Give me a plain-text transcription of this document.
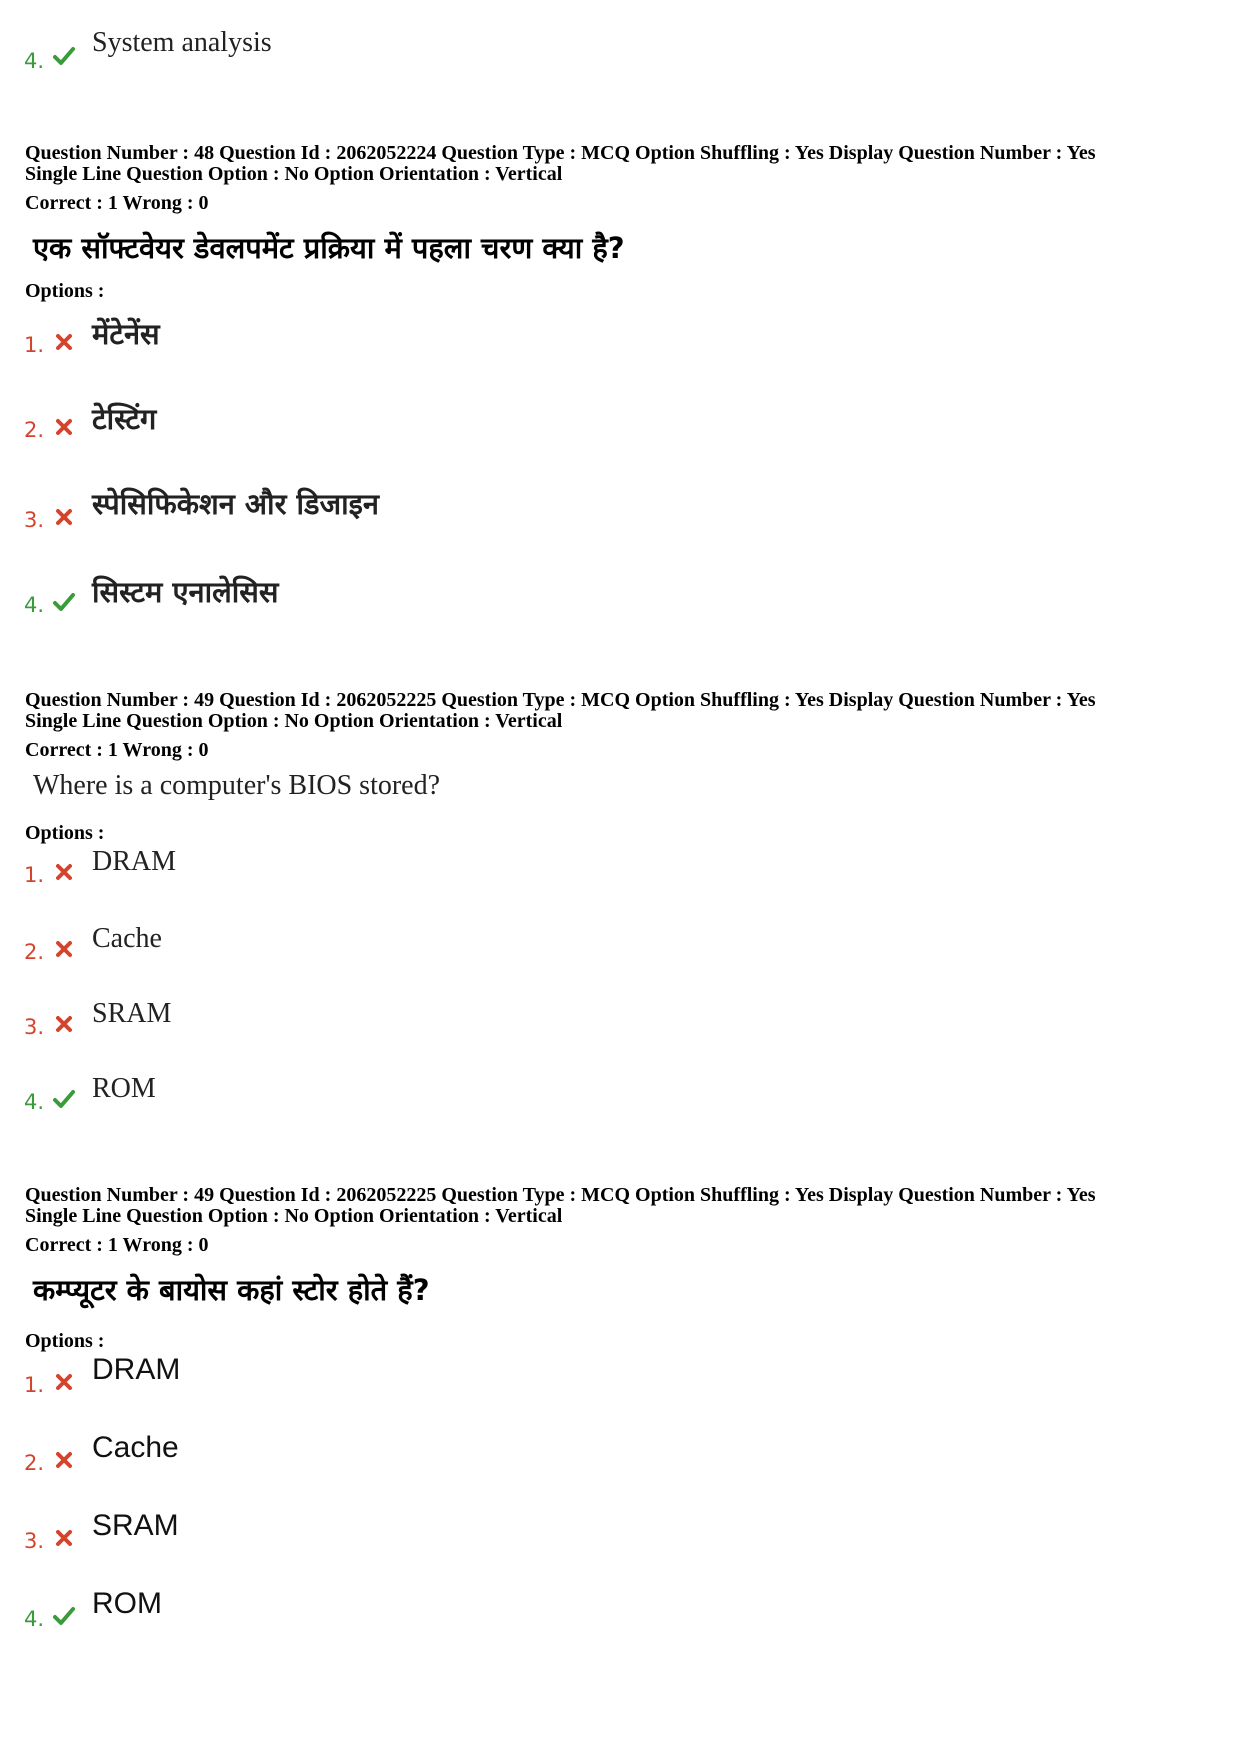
4.
System analysis
Question Number : 48 Question Id : 2062052224 Question Type : MCQ Option Shuffling : Yes Display Question Number : Yes
Single Line Question Option : No Option Orientation : Vertical
Correct : 1 Wrong : 0
एक सॉफ्टवेयर डेवलपमेंट प्रक्रिया में पहला चरण क्या है?
Options :
1. मेंटेनेंस
2. टेस्टिंग
3. स्पेसिफिकेशन और डिजाइन
4. सिस्टम एनालेसिस
Question Number : 49 Question Id : 2062052225 Question Type : MCQ Option Shuffling : Yes Display Question Number : Yes
Single Line Question Option : No Option Orientation : Vertical
Correct : 1 Wrong : 0
Where is a computer's BIOS stored?
Options :
1. DRAM
2. Cache
3. SRAM
4. ROM
Question Number : 49 Question Id : 2062052225 Question Type : MCQ Option Shuffling : Yes Display Question Number : Yes
Single Line Question Option : No Option Orientation : Vertical
Correct : 1 Wrong : 0
कम्प्यूटर के बायोस कहां स्टोर होते हैं?
Options :
1. DRAM
2. Cache
3. SRAM
4. ROM
